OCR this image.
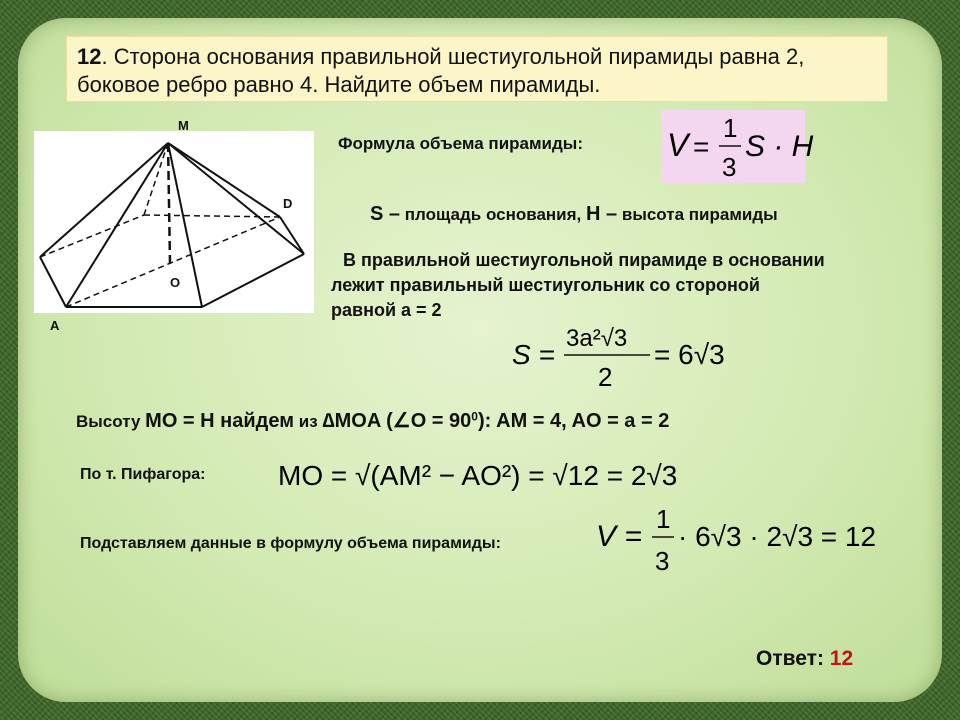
12. Сторона основания правильной шестиугольной пирамиды равна 2,
боковое ребро равно 4. Найдите объем пирамиды.
M
D
O
A
Формула объема пирамиды:	V =
1
3
S · H
S – площадь основания, H – высота пирамиды
В правильной шестиугольной пирамиде в основании
лежит правильный шестиугольник со стороной
равной a = 2
S =
3a²√3
2
= 6√3
Высоту MO = H найдем из ∆MOA (∠O = $90^0$): AM = 4, AO = a = 2
По т. Пифагора:	MO = √(AM² − AO²) = √12 = 2√3
Подставляем данные в формулу объема пирамиды:	V =
1
3
· 6√3 · 2√3 = 12
Ответ: 12
